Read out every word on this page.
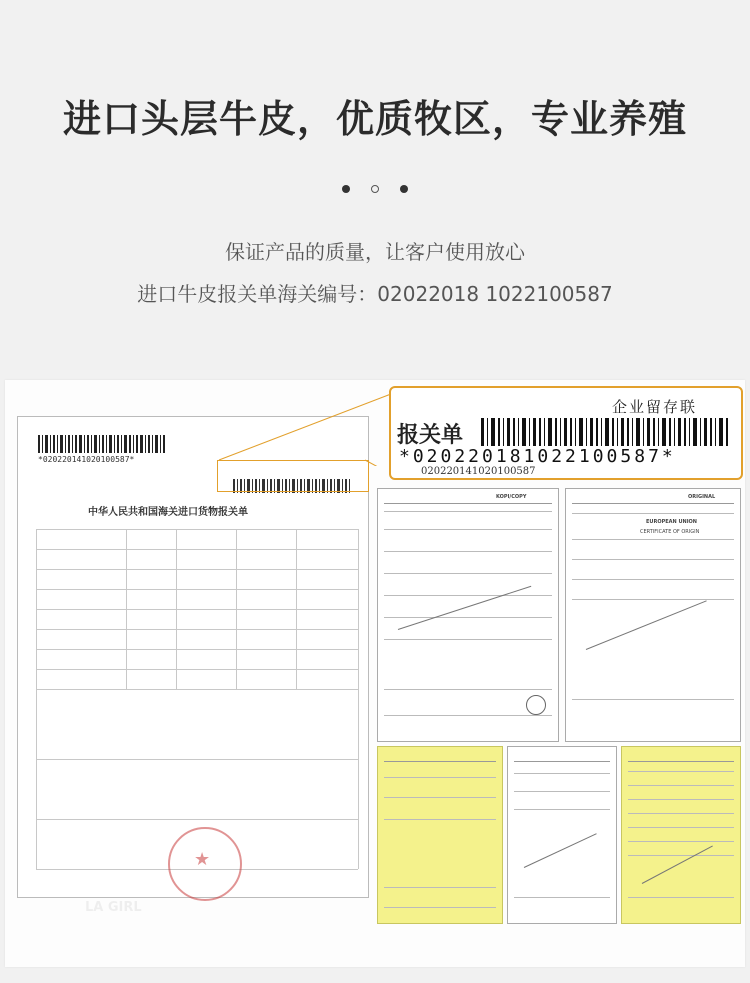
进口头层牛皮，优质牧区，专业养殖

保证产品的质量，让客户使用放心
进口牛皮报关单海关编号：02022018 1022100587
LA GIRL
*020220141020100587*
中华人民共和国海关进口货物报关单
★
企业留存联
报关单
*020220181022100587*
020220141020100587
KOPI/COPY	ORIGINAL
EUROPEAN UNION
CERTIFICATE OF ORIGIN
